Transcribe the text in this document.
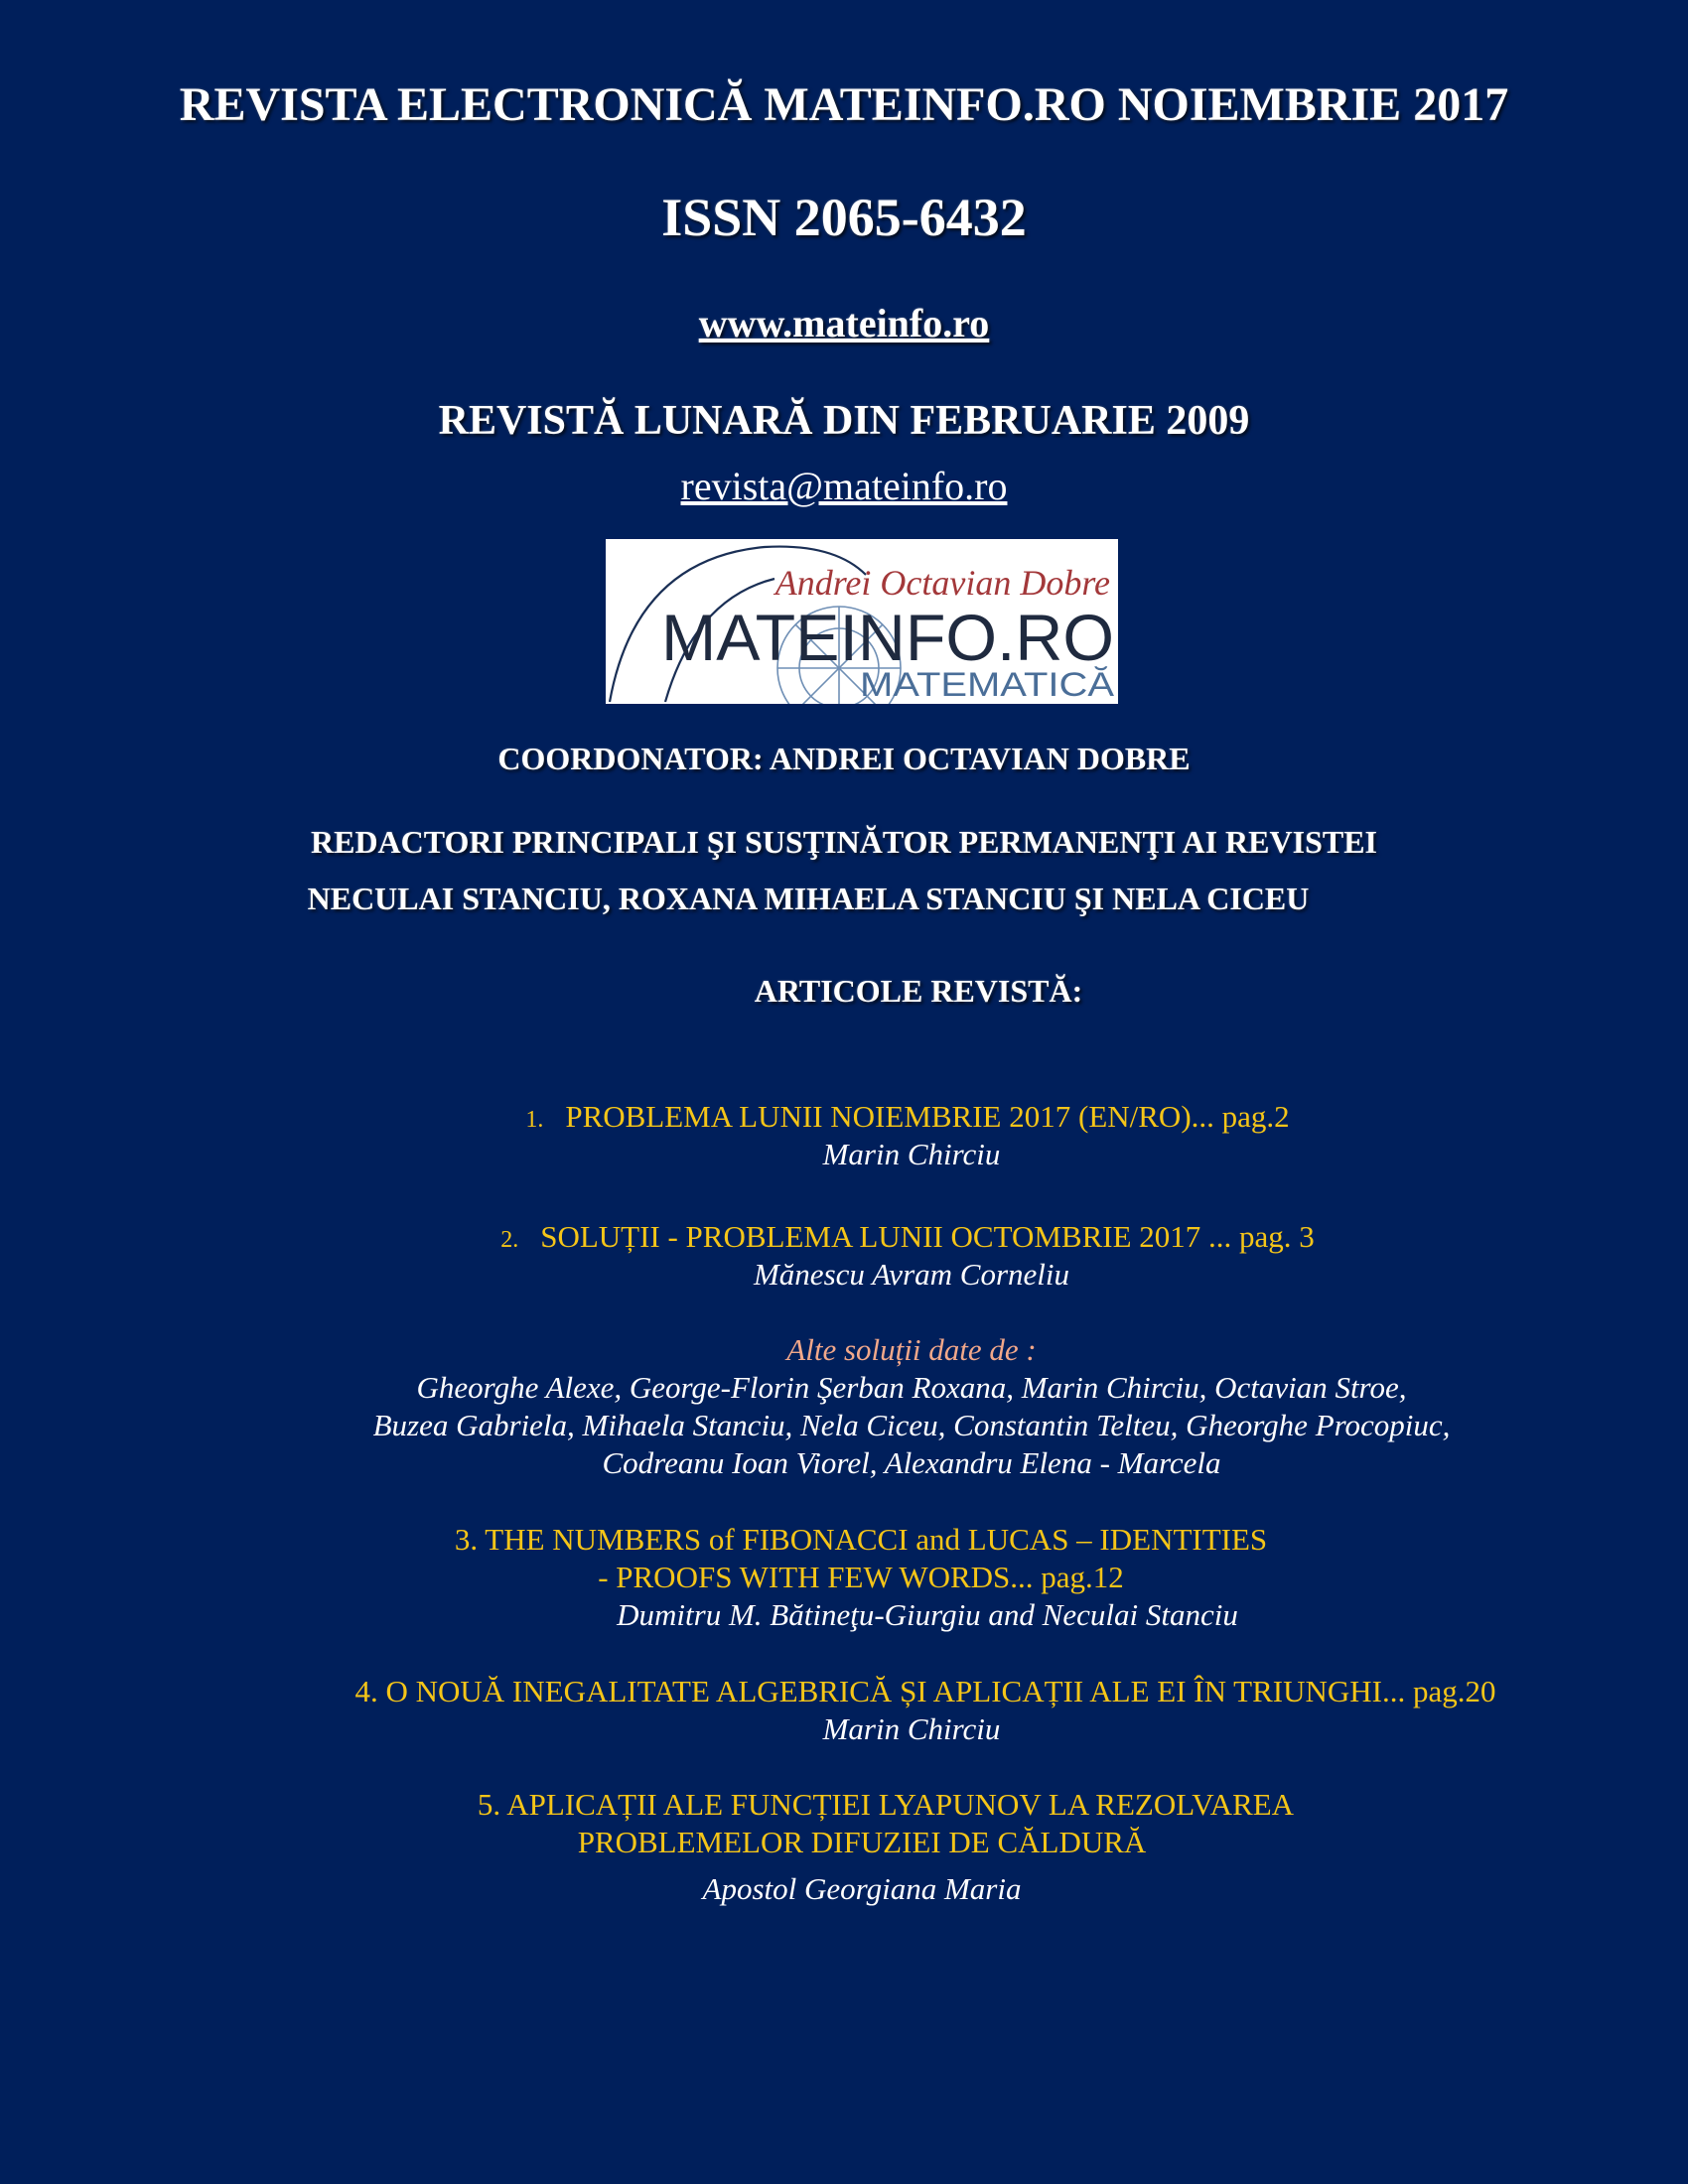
REVISTA ELECTRONICĂ MATEINFO.RO NOIEMBRIE 2017
ISSN 2065-6432
www.mateinfo.ro
REVISTĂ LUNARĂ DIN FEBRUARIE 2009
revista@mateinfo.ro
Andrei Octavian Dobre
MATEINFO.RO
MATEMATICĂ
COORDONATOR: ANDREI OCTAVIAN DOBRE
REDACTORI PRINCIPALI ŞI SUSŢINĂTOR PERMANENŢI AI REVISTEI
NECULAI STANCIU, ROXANA MIHAELA STANCIU ŞI NELA CICEU
ARTICOLE REVISTĂ:
1. PROBLEMA LUNII NOIEMBRIE 2017 (EN/RO)... pag.2
Marin Chirciu
2. SOLUȚII - PROBLEMA LUNII OCTOMBRIE 2017 ... pag. 3
Mănescu Avram Corneliu
Alte soluții date de :
Gheorghe Alexe, George-Florin Şerban Roxana, Marin Chirciu, Octavian Stroe,
Buzea Gabriela, Mihaela Stanciu, Nela Ciceu, Constantin Telteu, Gheorghe Procopiuc,
Codreanu Ioan Viorel, Alexandru Elena - Marcela
3. THE NUMBERS of FIBONACCI and LUCAS – IDENTITIES
- PROOFS WITH FEW WORDS... pag.12
Dumitru M. Bătineţu-Giurgiu and Neculai Stanciu
4. O NOUĂ INEGALITATE ALGEBRICĂ ȘI APLICAȚII ALE EI ÎN TRIUNGHI... pag.20
Marin Chirciu
5. APLICAȚII ALE FUNCȚIEI LYAPUNOV LA REZOLVAREA
PROBLEMELOR DIFUZIEI DE CĂLDURĂ
Apostol Georgiana Maria
